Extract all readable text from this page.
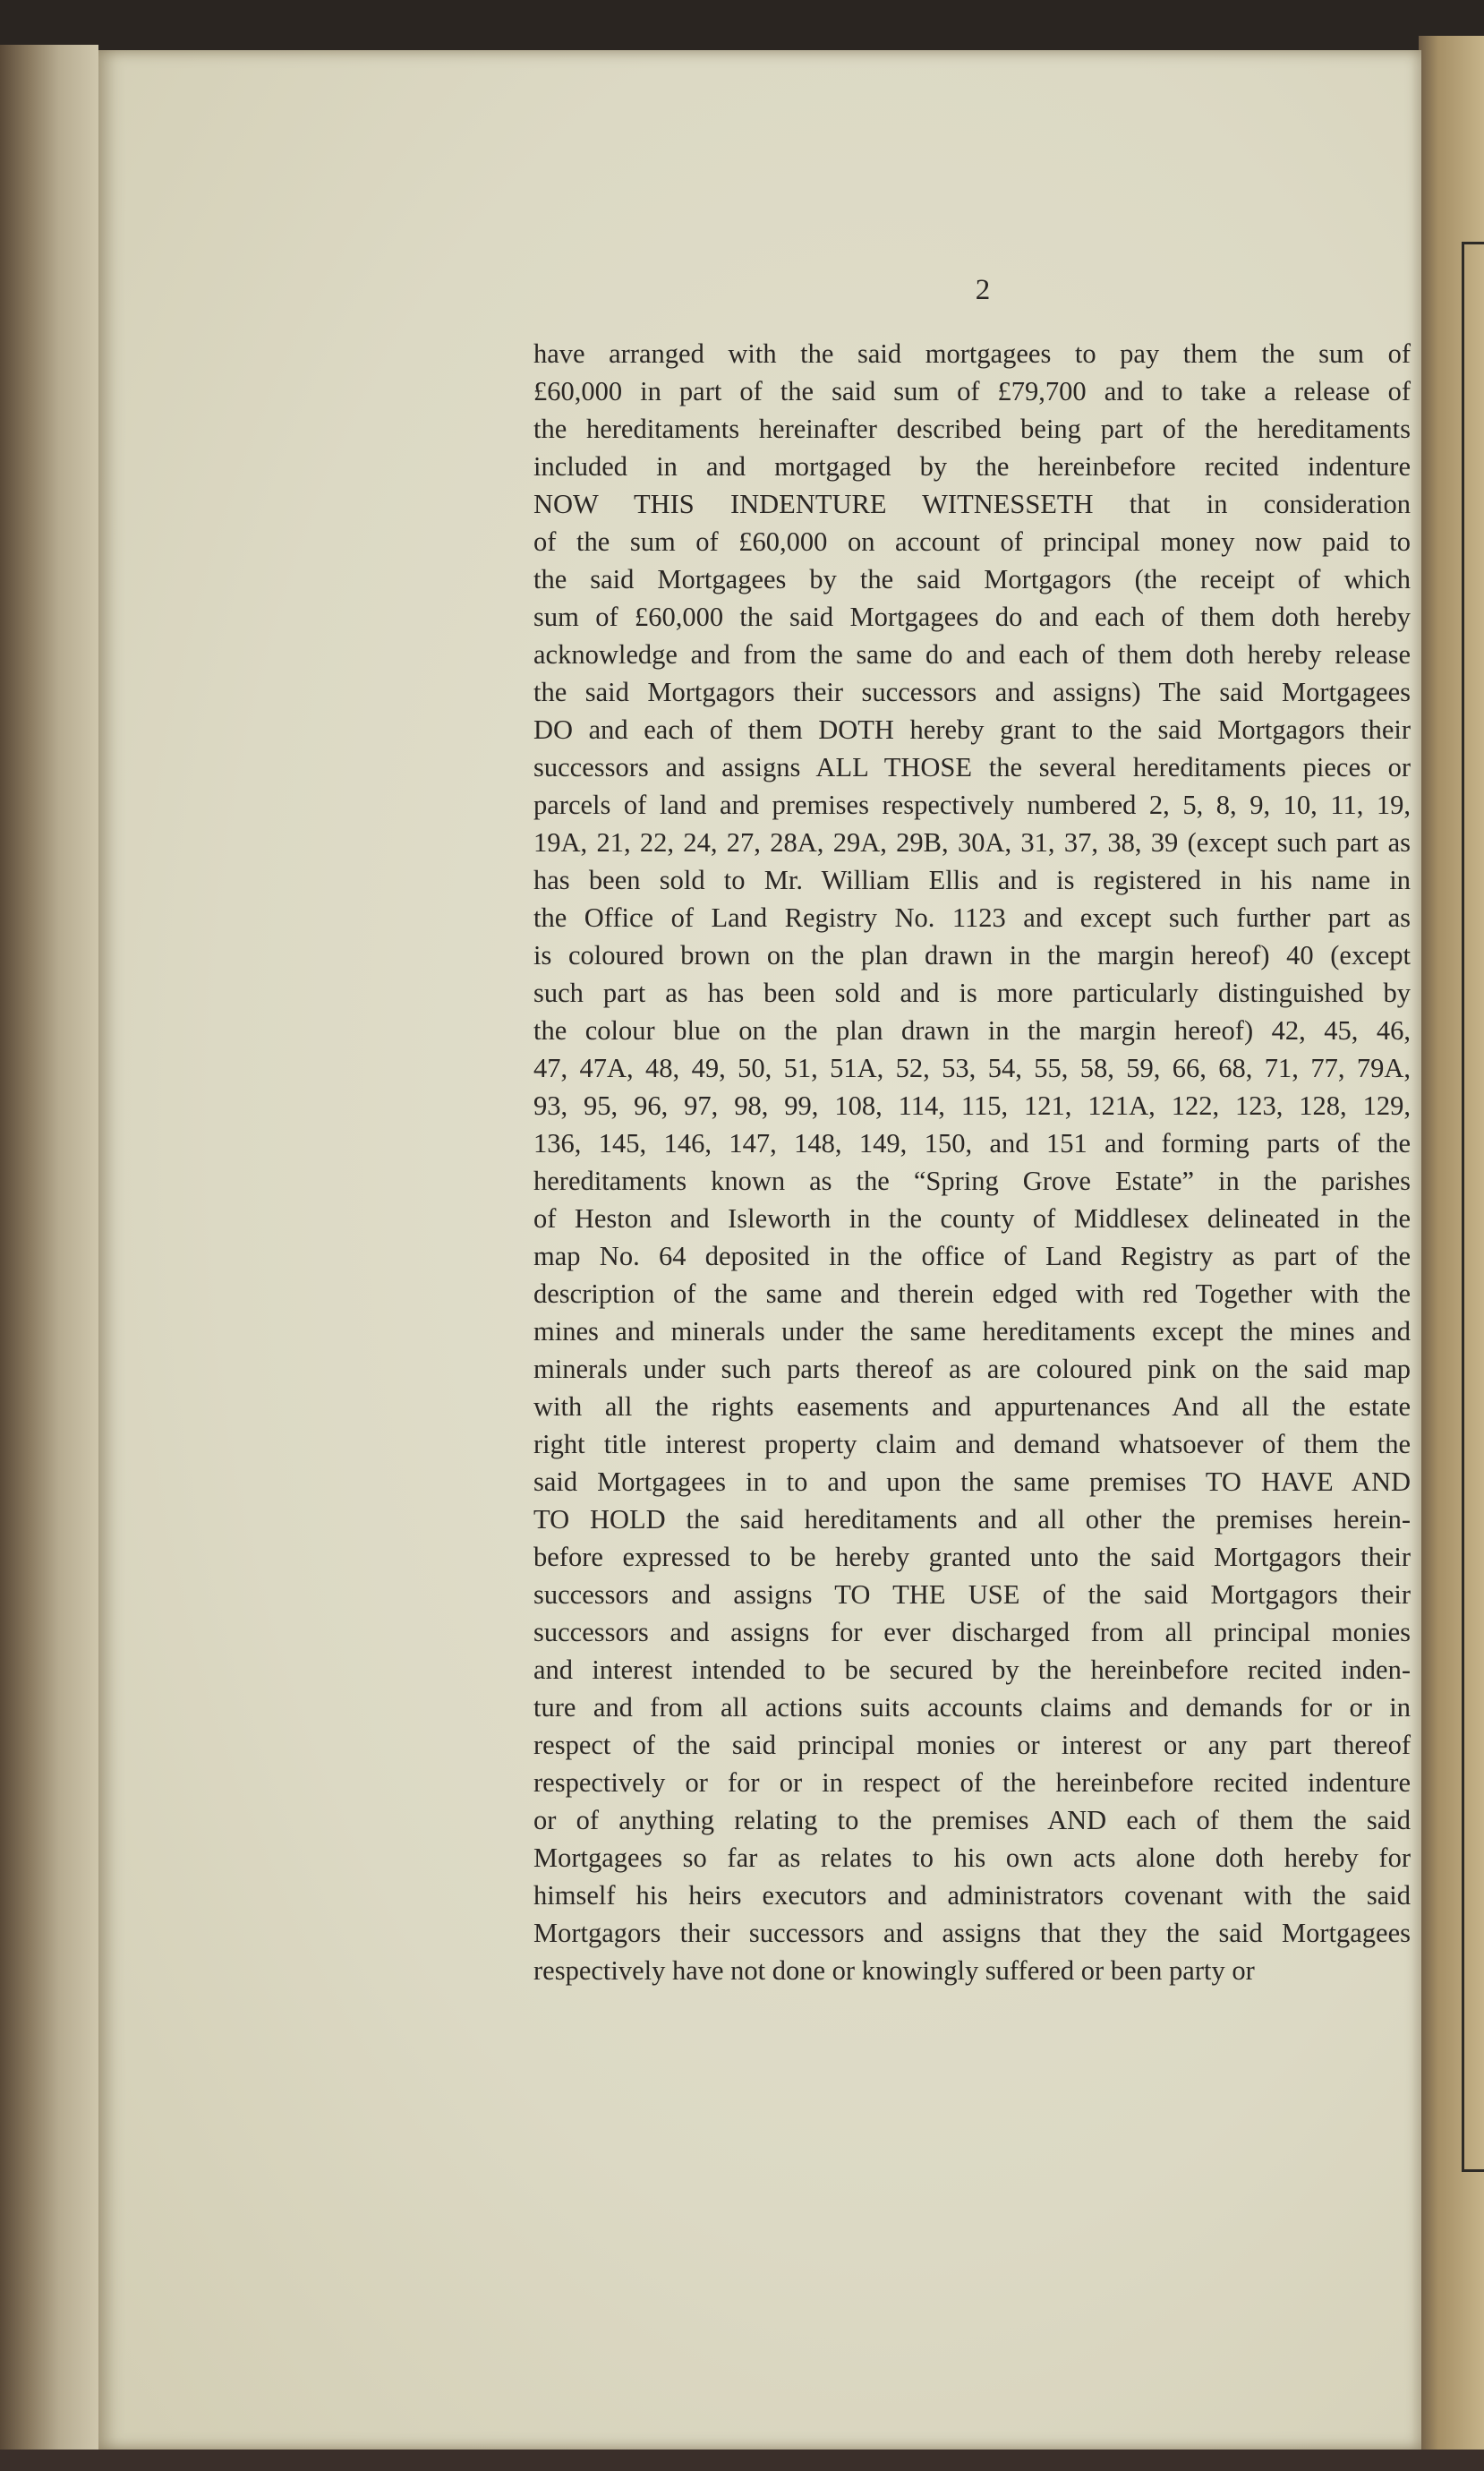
2
have arranged with the said mortgagees to pay them the sum of
£60,000 in part of the said sum of £79,700 and to take a release of
the hereditaments hereinafter described being part of the hereditaments
included in and mortgaged by the hereinbefore recited indenture
NOW THIS INDENTURE WITNESSETH that in consideration
of the sum of £60,000 on account of principal money now paid to
the said Mortgagees by the said Mortgagors (the receipt of which
sum of £60,000 the said Mortgagees do and each of them doth hereby
acknowledge and from the same do and each of them doth hereby release
the said Mortgagors their successors and assigns) The said Mortgagees
DO and each of them DOTH hereby grant to the said Mortgagors their
successors and assigns ALL THOSE the several hereditaments pieces or
parcels of land and premises respectively numbered 2, 5, 8, 9, 10, 11, 19,
19A, 21, 22, 24, 27, 28A, 29A, 29B, 30A, 31, 37, 38, 39 (except such part as
has been sold to Mr. William Ellis and is registered in his name in
the Office of Land Registry No. 1123 and except such further part as
is coloured brown on the plan drawn in the margin hereof) 40 (except
such part as has been sold and is more particularly distinguished by
the colour blue on the plan drawn in the margin hereof) 42, 45, 46,
47, 47A, 48, 49, 50, 51, 51A, 52, 53, 54, 55, 58, 59, 66, 68, 71, 77, 79A,
93, 95, 96, 97, 98, 99, 108, 114, 115, 121, 121A, 122, 123, 128, 129,
136, 145, 146, 147, 148, 149, 150, and 151 and forming parts of the
hereditaments known as the “Spring Grove Estate” in the parishes
of Heston and Isleworth in the county of Middlesex delineated in the
map No. 64 deposited in the office of Land Registry as part of the
description of the same and therein edged with red Together with the
mines and minerals under the same hereditaments except the mines and
minerals under such parts thereof as are coloured pink on the said map
with all the rights easements and appurtenances And all the estate
right title interest property claim and demand whatsoever of them the
said Mortgagees in to and upon the same premises TO HAVE AND
TO HOLD the said hereditaments and all other the premises herein-
before expressed to be hereby granted unto the said Mortgagors their
successors and assigns TO THE USE of the said Mortgagors their
successors and assigns for ever discharged from all principal monies
and interest intended to be secured by the hereinbefore recited inden-
ture and from all actions suits accounts claims and demands for or in
respect of the said principal monies or interest or any part thereof
respectively or for or in respect of the hereinbefore recited indenture
or of anything relating to the premises AND each of them the said
Mortgagees so far as relates to his own acts alone doth hereby for
himself his heirs executors and administrators covenant with the said
Mortgagors their successors and assigns that they the said Mortgagees
respectively have not done or knowingly suffered or been party or
